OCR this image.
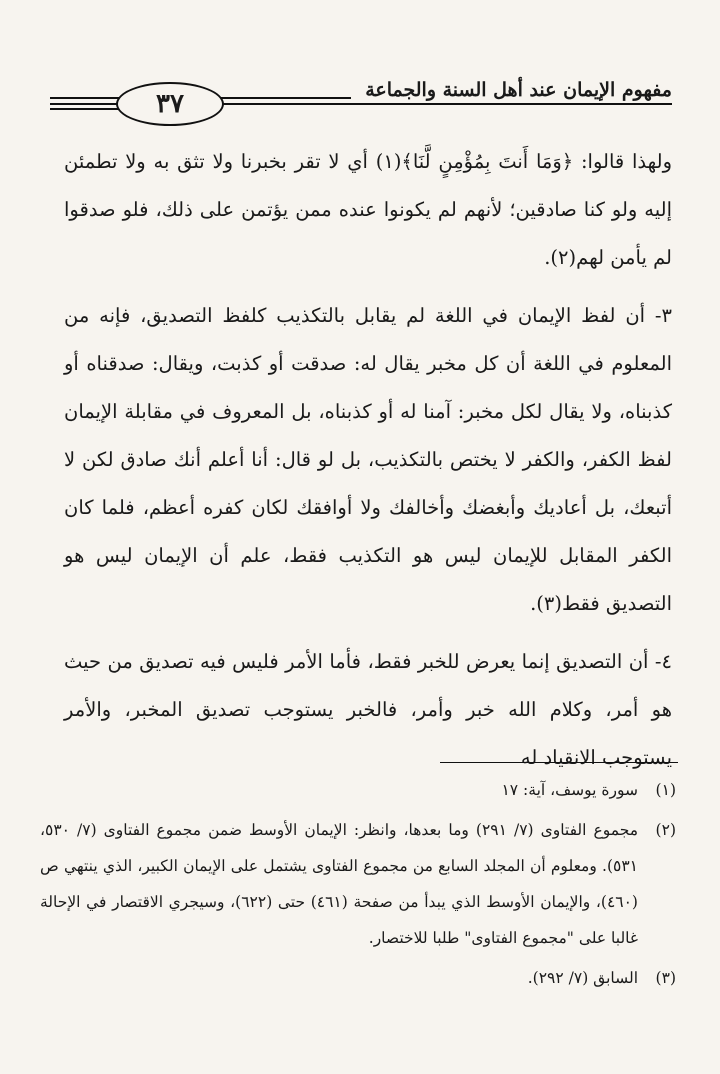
٣٧	مفهوم الإيمان عند أهل السنة والجماعة

ولهذا قالوا: ﴿وَمَا أَنتَ بِمُؤْمِنٍ لَّنَا﴾(١) أي لا تقر بخبرنا ولا تثق به ولا تطمئن إليه ولو كنا صادقين؛ لأنهم لم يكونوا عنده ممن يؤتمن على ذلك، فلو صدقوا لم يأمن لهم(٢).

٣- أن لفظ الإيمان في اللغة لم يقابل بالتكذيب كلفظ التصديق، فإنه من المعلوم في اللغة أن كل مخبر يقال له: صدقت أو كذبت، ويقال: صدقناه أو كذبناه، ولا يقال لكل مخبر: آمنا له أو كذبناه، بل المعروف في مقابلة الإيمان لفظ الكفر، والكفر لا يختص بالتكذيب، بل لو قال: أنا أعلم أنك صادق لكن لا أتبعك، بل أعاديك وأبغضك وأخالفك ولا أوافقك لكان كفره أعظم، فلما كان الكفر المقابل للإيمان ليس هو التكذيب فقط، علم أن الإيمان ليس هو التصديق فقط(٣).

٤- أن التصديق إنما يعرض للخبر فقط، فأما الأمر فليس فيه تصديق من حيث هو أمر، وكلام الله خبر وأمر، فالخبر يستوجب تصديق المخبر، والأمر يستوجب الانقياد له

(١)
سورة يوسف، آية: ١٧
(٢)
مجموع الفتاوى (٧/ ٢٩١) وما بعدها، وانظر: الإيمان الأوسط ضمن مجموع الفتاوى (٧/ ٥٣٠، ٥٣١). ومعلوم أن المجلد السابع من مجموع الفتاوى يشتمل على الإيمان الكبير، الذي ينتهي ص (٤٦٠)، والإيمان الأوسط الذي يبدأ من صفحة (٤٦١) حتى (٦٢٢)، وسيجري الاقتصار في الإحالة غالبا على "مجموع الفتاوى" طلبا للاختصار.
(٣)
السابق (٧/ ٢٩٢).
